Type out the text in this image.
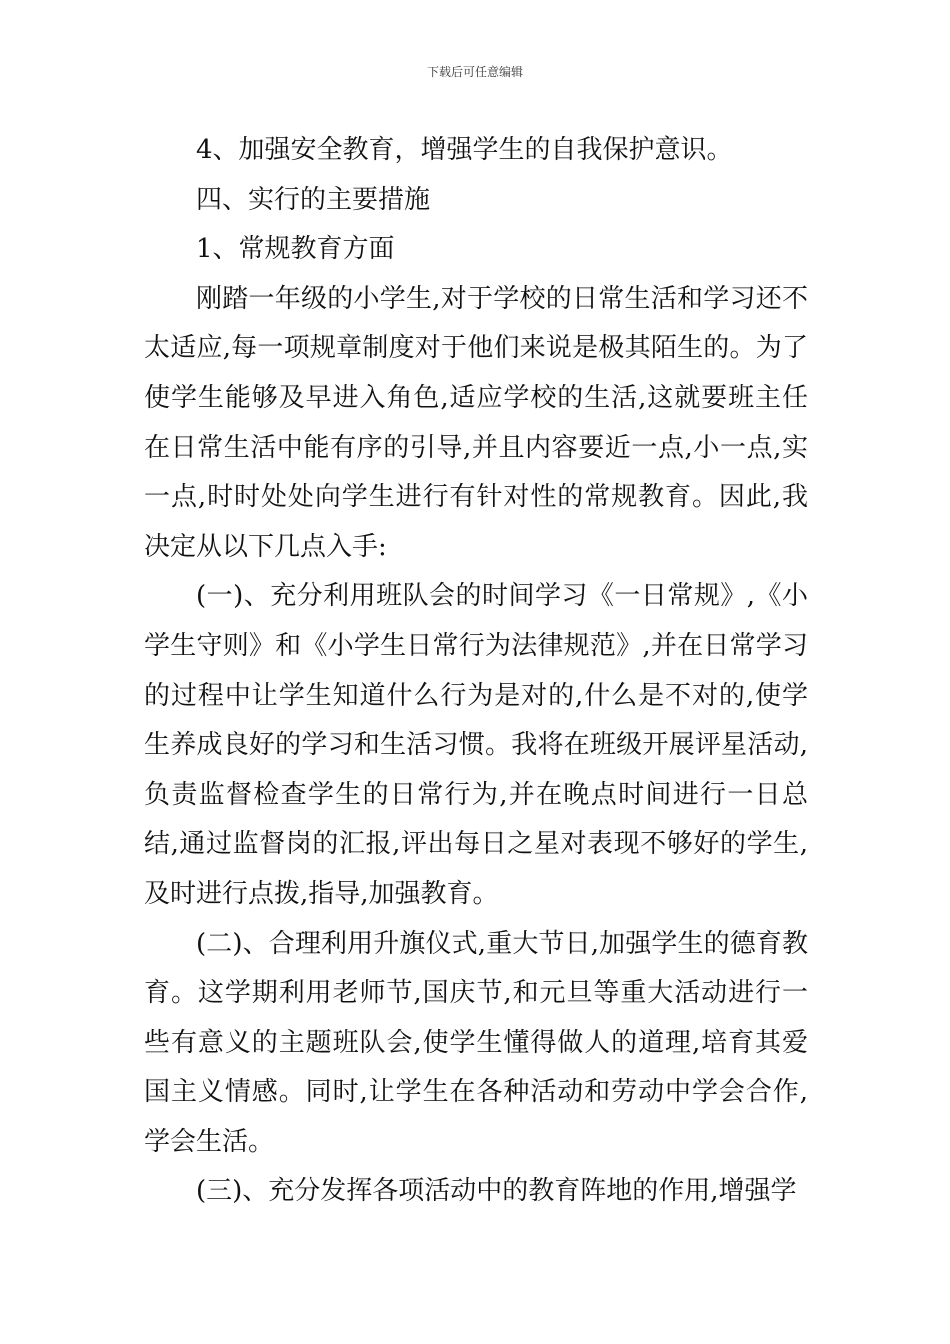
下载后可任意编辑

4、加强安全教育，增强学生的自我保护意识。

四、实行的主要措施

1、常规教育方面

刚踏一年级的小学生,对于学校的日常生活和学习还不太适应,每一项规章制度对于他们来说是极其陌生的。为了使学生能够及早进入角色,适应学校的生活,这就要班主任在日常生活中能有序的引导,并且内容要近一点,小一点,实一点,时时处处向学生进行有针对性的常规教育。因此,我决定从以下几点入手:

(一)、充分利用班队会的时间学习《一日常规》,《小学生守则》和《小学生日常行为法律规范》,并在日常学习的过程中让学生知道什么行为是对的,什么是不对的,使学生养成良好的学习和生活习惯。我将在班级开展评星活动,负责监督检查学生的日常行为,并在晚点时间进行一日总结,通过监督岗的汇报,评出每日之星对表现不够好的学生,及时进行点拨,指导,加强教育。

(二)、合理利用升旗仪式,重大节日,加强学生的德育教育。这学期利用老师节,国庆节,和元旦等重大活动进行一些有意义的主题班队会,使学生懂得做人的道理,培育其爱国主义情感。同时,让学生在各种活动和劳动中学会合作,学会生活。

(三)、充分发挥各项活动中的教育阵地的作用,增强学
